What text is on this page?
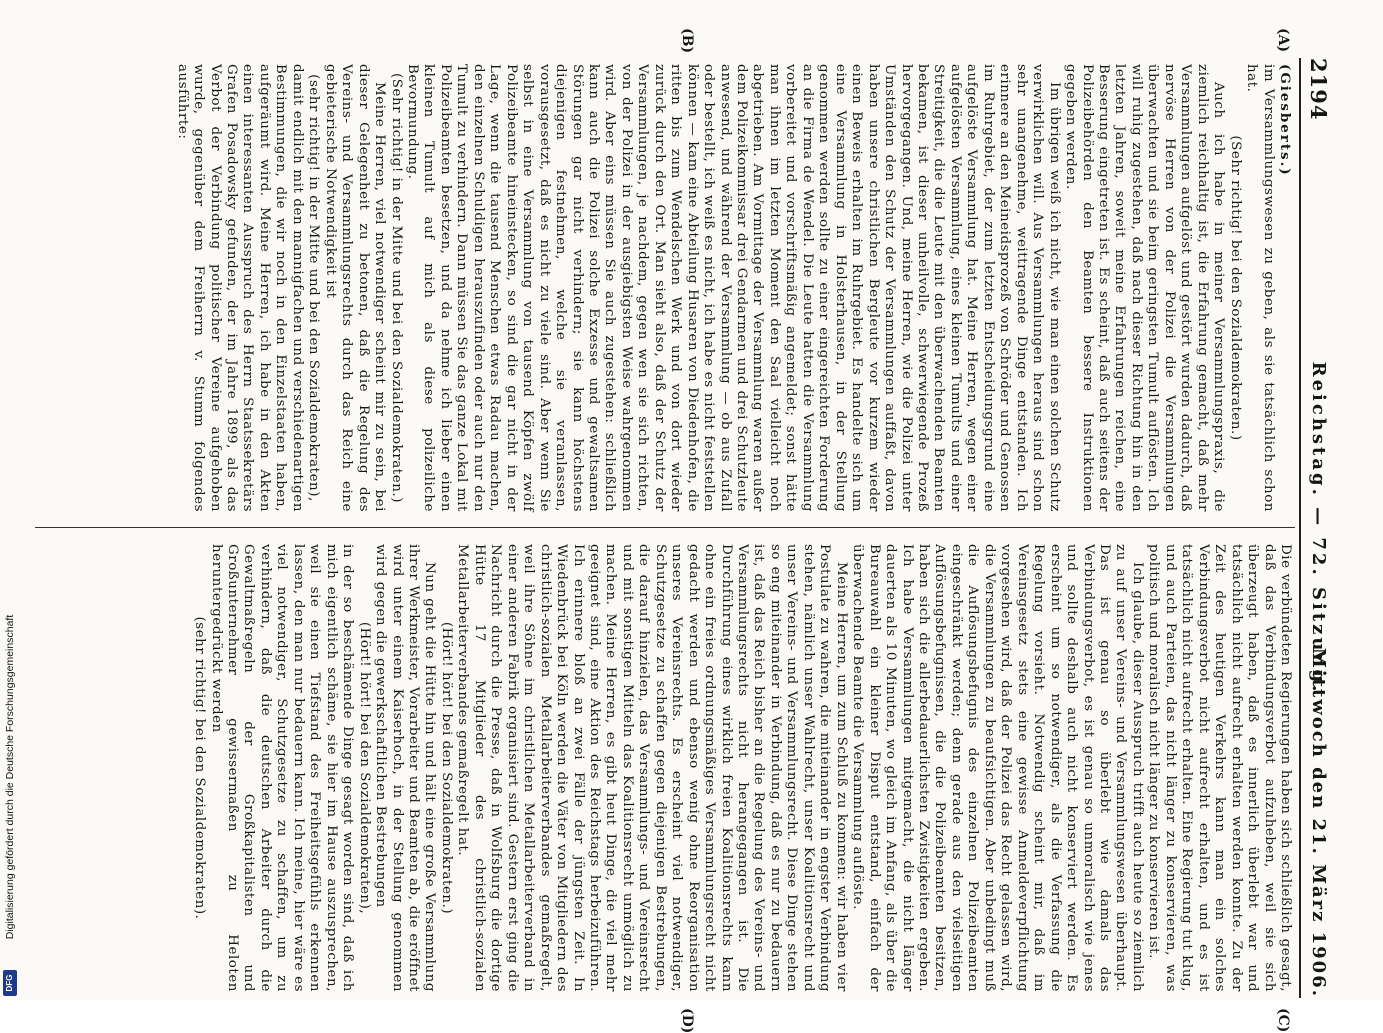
Digitalisierung gefördert durch die Deutsche Forschungsgemeinschaft
DFG
2194
Reichstag. — 72. Sitzung.
Mittwoch den 21. März 1906.
(A)
(B)
(C)
(D)

(Giesberts.)

im Versammlungswesen zu geben, als sie tatsächlich schon hat.

(Sehr richtig! bei den Sozialdemokraten.)

Auch ich habe in meiner Versammlungspraxis, die ziemlich reichhaltig ist, die Erfahrung gemacht, daß mehr Versammlungen aufgelöst und gestört wurden dadurch, daß nervöse Herren von der Polizei die Versammlungen überwachten und sie beim geringsten Tumult auflösten. Ich will ruhig zugestehen, daß nach dieser Richtung hin in den letzten Jahren, soweit meine Erfahrungen reichen, eine Besserung eingetreten ist. Es scheint, daß auch seitens der Polizeibehörden den Beamten bessere Instruktionen gegeben werden.

Im übrigen weiß ich nicht, wie man einen solchen Schutz verwirklichen will. Aus Versammlungen heraus sind schon sehr unangenehme, weittragende Dinge entstanden. Ich erinnere an den Meineidsprozeß von Schröder und Genossen im Ruhrgebiet, der zum letzten Entscheidungsgrund eine aufgelöste Versammlung hat. Meine Herren, wegen einer aufgelösten Versammlung, eines kleinen Tumults und einer Streitigkeit, die die Leute mit den überwachenden Beamten bekamen, ist dieser unheilvolle, schwerwiegende Prozeß hervorgegangen. Und, meine Herren, wie die Polizei unter Umständen den Schutz der Versammlungen auffaßt, davon haben unsere christlichen Bergleute vor kurzem wieder einen Beweis erhalten im Ruhrgebiet. Es handelte sich um eine Versammlung in Holsterhausen, in der Stellung genommen werden sollte zu einer eingereichten Forderung an die Firma de Wendel. Die Leute hatten die Versammlung vorbereitet und vorschriftsmäßig angemeldet; sonst hätte man ihnen im letzten Moment den Saal vielleicht noch abgetrieben. Am Vormittage der Versammlung waren außer dem Polizeikommissar drei Gendarmen und drei Schutzleute anwesend, und während der Versammlung — ob aus Zufall oder bestellt, ich weiß es nicht, ich habe es nicht feststellen können — kam eine Abteilung Husaren von Diedenhofen, die ritten bis zum Wendelschen Werk und von dort wieder zurück durch den Ort. Man sieht also, daß der Schutz der Versammlungen, je nachdem, gegen wen sie sich richten, von der Polizei in der ausgiebigsten Weise wahrgenommen wird. Aber eins müssen Sie auch zugestehen: schließlich kann auch die Polizei solche Exzesse und gewaltsamen Störungen gar nicht verhindern; sie kann höchstens diejenigen festnehmen, welche sie veranlassen, vorausgesetzt, daß es nicht zu viele sind. Aber wenn Sie selbst in eine Versammlung von tausend Köpfen zwölf Polizeibeamte hineinstecken, so sind die gar nicht in der Lage, wenn die tausend Menschen etwas Radau machen, den einzelnen Schuldigen herauszufinden oder auch nur den Tumult zu verhindern. Dann müssen Sie das ganze Lokal mit Polizeibeamten besetzen, und da nehme ich lieber einen kleinen Tumult auf mich als diese polizeiliche Bevormundung.

(Sehr richtig! in der Mitte und bei den Sozialdemokraten.)

Meine Herren, viel notwendiger scheint mir zu sein, bei dieser Gelegenheit zu betonen, daß die Regelung des Vereins- und Versammlungsrechts durch das Reich eine gebieterische Notwendigkeit ist

(sehr richtig! in der Mitte und bei den Sozialdemokraten),

damit endlich mit den mannigfachen und verschiedenartigen Bestimmungen, die wir noch in den Einzelstaaten haben, aufgeräumt wird. Meine Herren, ich habe in den Akten einen interessanten Ausspruch des Herrn Staatssekretärs Grafen Posadowsky gefunden, der im Jahre 1899, als das Verbot der Verbindung politischer Vereine aufgehoben wurde, gegenüber dem Freiherrn v. Stumm folgendes ausführte:

Die verbündeten Regierungen haben sich schließlich gesagt, daß das Verbindungsverbot aufzuheben, weil sie sich überzeugt haben, daß es innerlich überlebt war und tatsächlich nicht aufrecht erhalten werden konnte. Zu der Zeit des heutigen Verkehrs kann man ein solches Verbindungsverbot nicht aufrecht erhalten, und es ist tatsächlich nicht aufrecht erhalten. Eine Regierung tut klug, und auch Parteien, das nicht länger zu konservieren, was politisch und moralisch nicht länger zu konservieren ist.

Ich glaube, dieser Ausspruch trifft auch heute so ziemlich zu auf unser Vereins- und Versammlungswesen überhaupt. Das ist genau so überlebt wie damals das Verbindungsverbot, es ist genau so unmoralisch wie jenes und sollte deshalb auch nicht konserviert werden. Es erscheint um so notwendiger, als die Verfassung die Regelung vorsieht. Notwendig scheint mir, daß im Vereinsgesetz stets eine gewisse Anmeldeverpflichtung vorgesehen wird, daß der Polizei das Recht gelassen wird, die Versammlungen zu beaufsichtigen. Aber unbedingt muß die Auflösungsbefugnis des einzelnen Polizeibeamten eingeschränkt werden; denn gerade aus den vielseitigen Auflösungsbefugnissen, die die Polizeibeamten besitzen, haben sich die allerbedauerlichsten Zwistigkeiten ergeben. Ich habe Versammlungen mitgemacht, die nicht länger dauerten als 10 Minuten, wo gleich im Anfang, als über die Bureauwahl ein kleiner Disput entstand, einfach der überwachende Beamte die Versammlung auflöste.

Meine Herren, um zum Schluß zu kommen: wir haben vier Postulate zu wahren, die miteinander in engster Verbindung stehen, nämlich unser Wahlrecht, unser Koalitionsrecht und unser Vereins- und Versammlungsrecht. Diese Dinge stehen so eng miteinander in Verbindung, daß es nur zu bedauern ist, daß das Reich bisher an die Regelung des Vereins- und Versammlungsrechts nicht herangegangen ist. Die Durchführung eines wirklich freien Koalitionsrechts kann ohne ein freies ordnungsmäßiges Versammlungsrecht nicht gedacht werden und ebenso wenig ohne Reorganisation unseres Vereinsrechts. Es erscheint viel notwendiger, Schutzgesetze zu schaffen gegen diejenigen Bestrebungen, die darauf hinzielen, das Versammlungs- und Vereinsrecht und mit sonstigen Mitteln das Koalitionsrecht unmöglich zu machen. Meine Herren, es gibt heut Dinge, die viel mehr geeignet sind, eine Aktion des Reichstags herbeizuführen. Ich erinnere bloß an zwei Fälle der jüngsten Zeit. In Wiedenbrück bei Köln werden die Väter von Mitgliedern des christlich-sozialen Metallarbeiterverbandes gemaßregelt, weil ihre Söhne im christlichen Metallarbeiterverband in einer anderen Fabrik organisiert sind. Gestern erst ging die Nachricht durch die Presse, daß in Wolfsburg die dortige Hütte 17 Mitglieder des christlich-sozialen Metallarbeiterverbandes gemaßregelt hat.

(Hört! hört! bei den Sozialdemokraten.)

Nun geht die Hütte hin und hält eine große Versammlung ihrer Werkmeister, Vorarbeiter und Beamten ab, die eröffnet wird unter einem Kaiserhoch, in der Stellung genommen wird gegen die gewerkschaftlichen Bestrebungen

(Hört! hört! bei den Sozialdemokraten),

in der so beschämende Dinge gesagt worden sind, daß ich mich eigentlich schäme, sie hier im Hause auszusprechen, weil sie einen Tiefstand des Freiheitsgefühls erkennen lassen, den man nur bedauern kann. Ich meine, hier wäre es viel notwendiger, Schutzgesetze zu schaffen, um zu verhindern, daß die deutschen Arbeiter durch die Gewaltmaßregeln der Großkapitalisten und Großunternehmer gewissermaßen zu Heloten heruntergedrückt werden

(sehr richtig! bei den Sozialdemokraten).
